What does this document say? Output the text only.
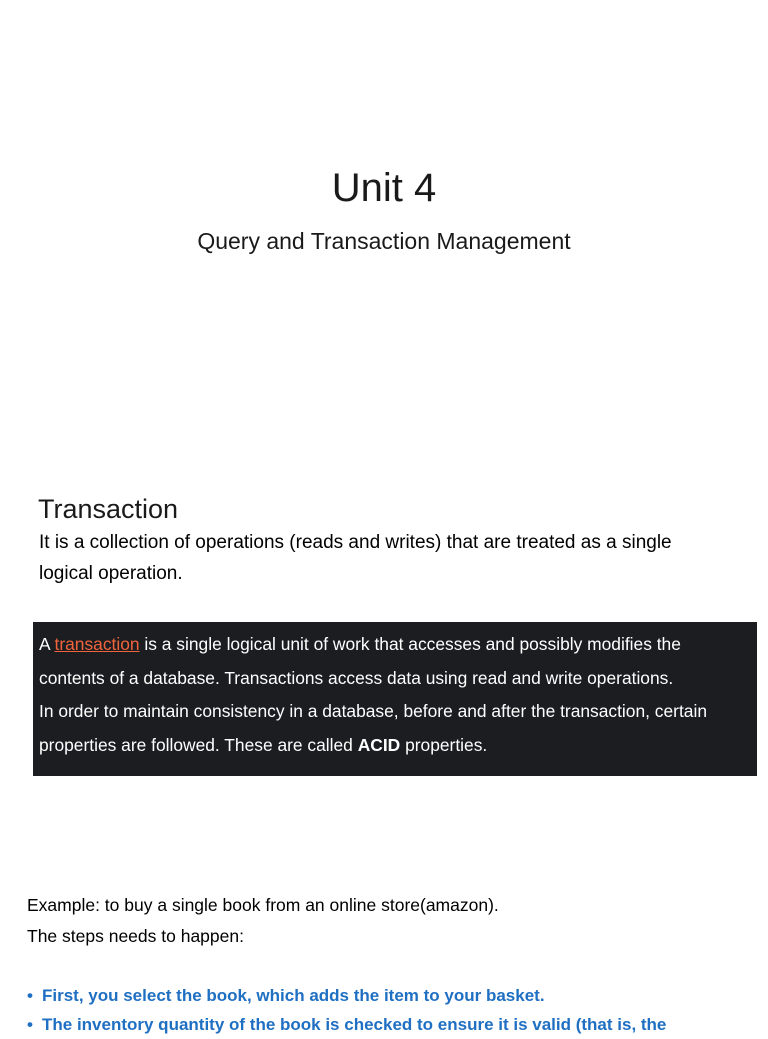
Unit 4
Query and Transaction Management
Transaction
It is a collection of operations (reads and writes) that are treated as a single logical operation.
A transaction is a single logical unit of work that accesses and possibly modifies the
contents of a database. Transactions access data using read and write operations.
In order to maintain consistency in a database, before and after the transaction, certain
properties are followed. These are called ACID properties.
Example: to buy a single book from an online store(amazon).
The steps needs to happen:
• First, you select the book, which adds the item to your basket.
• The inventory quantity of the book is checked to ensure it is valid (that is, the
